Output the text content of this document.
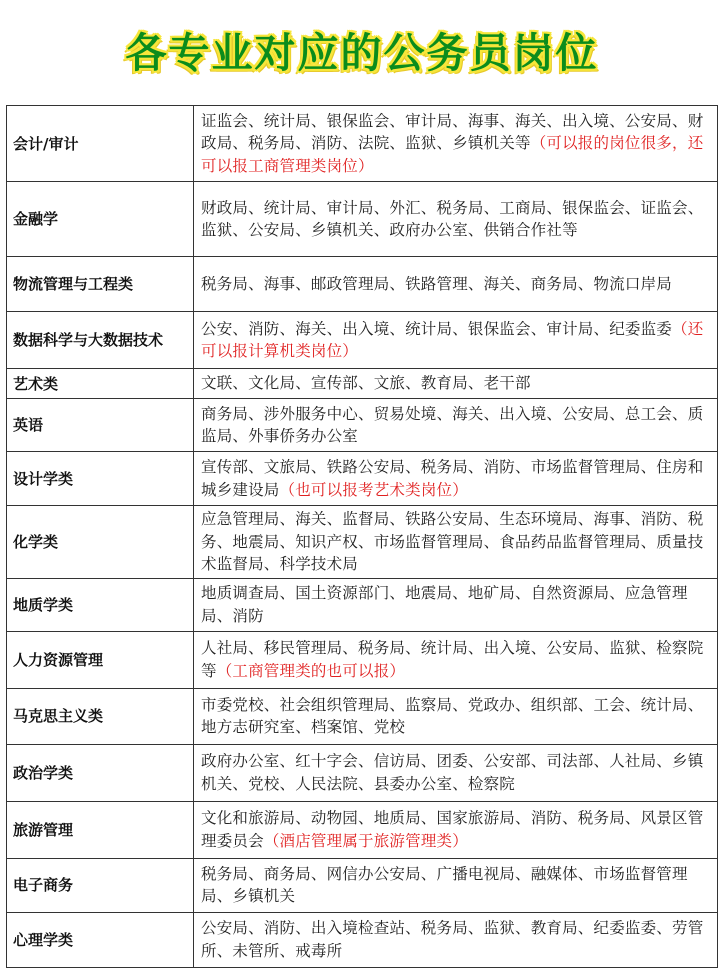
各专业对应的公务员岗位
会计/审计	证监会、统计局、银保监会、审计局、海事、海关、出入境、公安局、财政局、税务局、消防、法院、监狱、乡镇机关等（可以报的岗位很多，还可以报工商管理类岗位）
金融学	财政局、统计局、审计局、外汇、税务局、工商局、银保监会、证监会、监狱、公安局、乡镇机关、政府办公室、供销合作社等
物流管理与工程类	税务局、海事、邮政管理局、铁路管理、海关、商务局、物流口岸局
数据科学与大数据技术	公安、消防、海关、出入境、统计局、银保监会、审计局、纪委监委（还可以报计算机类岗位）
艺术类	文联、文化局、宣传部、文旅、教育局、老干部
英语	商务局、涉外服务中心、贸易处境、海关、出入境、公安局、总工会、质监局、外事侨务办公室
设计学类	宣传部、文旅局、铁路公安局、税务局、消防、市场监督管理局、住房和城乡建设局（也可以报考艺术类岗位）
化学类	应急管理局、海关、监督局、铁路公安局、生态环境局、海事、消防、税务、地震局、知识产权、市场监督管理局、食品药品监督管理局、质量技术监督局、科学技术局
地质学类	地质调查局、国土资源部门、地震局、地矿局、自然资源局、应急管理局、消防
人力资源管理	人社局、移民管理局、税务局、统计局、出入境、公安局、监狱、检察院等（工商管理类的也可以报）
马克思主义类	市委党校、社会组织管理局、监察局、党政办、组织部、工会、统计局、地方志研究室、档案馆、党校
政治学类	政府办公室、红十字会、信访局、团委、公安部、司法部、人社局、乡镇机关、党校、人民法院、县委办公室、检察院
旅游管理	文化和旅游局、动物园、地质局、国家旅游局、消防、税务局、风景区管理委员会（酒店管理属于旅游管理类）
电子商务	税务局、商务局、网信办公安局、广播电视局、融媒体、市场监督管理局、乡镇机关
心理学类	公安局、消防、出入境检查站、税务局、监狱、教育局、纪委监委、劳管所、未管所、戒毒所
